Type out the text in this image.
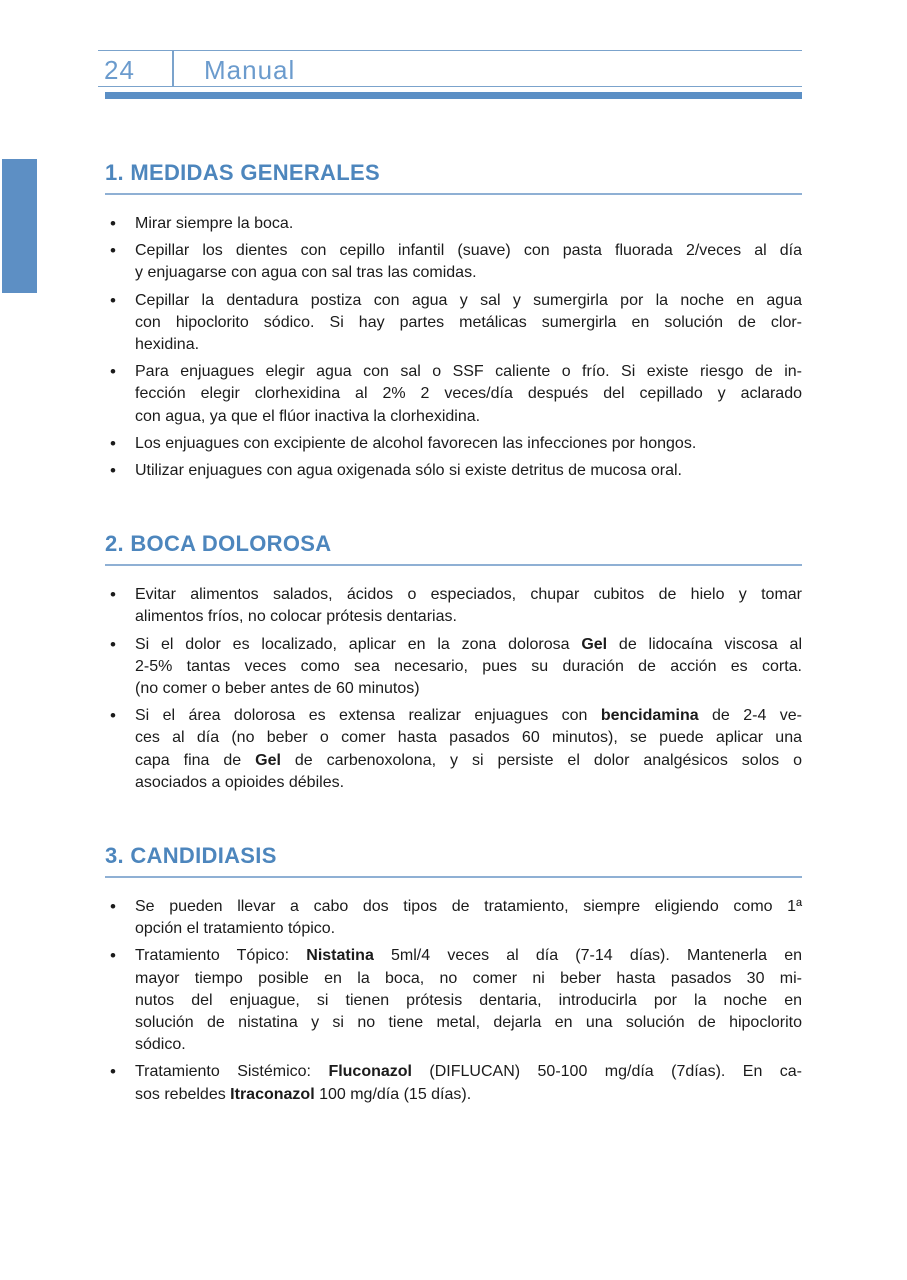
24	Manual
1. MEDIDAS GENERALES
•	Mirar siempre la boca.
•	Cepillar los dientes con cepillo infantil (suave) con pasta fluorada 2/veces al día
y enjuagarse con agua con sal tras las comidas.
•	Cepillar la dentadura postiza con agua y sal y sumergirla por la noche en agua
con hipoclorito sódico. Si hay partes metálicas sumergirla en solución de clor-
hexidina.
•	Para enjuagues elegir agua con sal o SSF caliente o frío. Si existe riesgo de in-
fección elegir clorhexidina al 2% 2 veces/día después del cepillado y aclarado
con agua, ya que el flúor inactiva la clorhexidina.
•	Los enjuagues con excipiente de alcohol favorecen las infecciones por hongos.
•	Utilizar enjuagues con agua oxigenada sólo si existe detritus de mucosa oral.
2. BOCA DOLOROSA
•	Evitar alimentos salados, ácidos o especiados, chupar cubitos de hielo y tomar
alimentos fríos, no colocar prótesis dentarias.
•	Si el dolor es localizado, aplicar en la zona dolorosa Gel de lidocaína viscosa al
2-5% tantas veces como sea necesario, pues su duración de acción es corta.
(no comer o beber antes de 60 minutos)
•	Si el área dolorosa es extensa realizar enjuagues con bencidamina de 2-4 ve-
ces al día (no beber o comer hasta pasados 60 minutos), se puede aplicar una
capa fina de Gel de carbenoxolona, y si persiste el dolor analgésicos solos o
asociados a opioides débiles.
3. CANDIDIASIS
•	Se pueden llevar a cabo dos tipos de tratamiento, siempre eligiendo como 1ª
opción el tratamiento tópico.
•	Tratamiento Tópico: Nistatina 5ml/4 veces al día (7-14 días). Mantenerla en
mayor tiempo posible en la boca, no comer ni beber hasta pasados 30 mi-
nutos del enjuague, si tienen prótesis dentaria, introducirla por la noche en
solución de nistatina y si no tiene metal, dejarla en una solución de hipoclorito
sódico.
•	Tratamiento Sistémico: Fluconazol (DIFLUCAN) 50-100 mg/día (7días). En ca-
sos rebeldes Itraconazol 100 mg/día (15 días).
